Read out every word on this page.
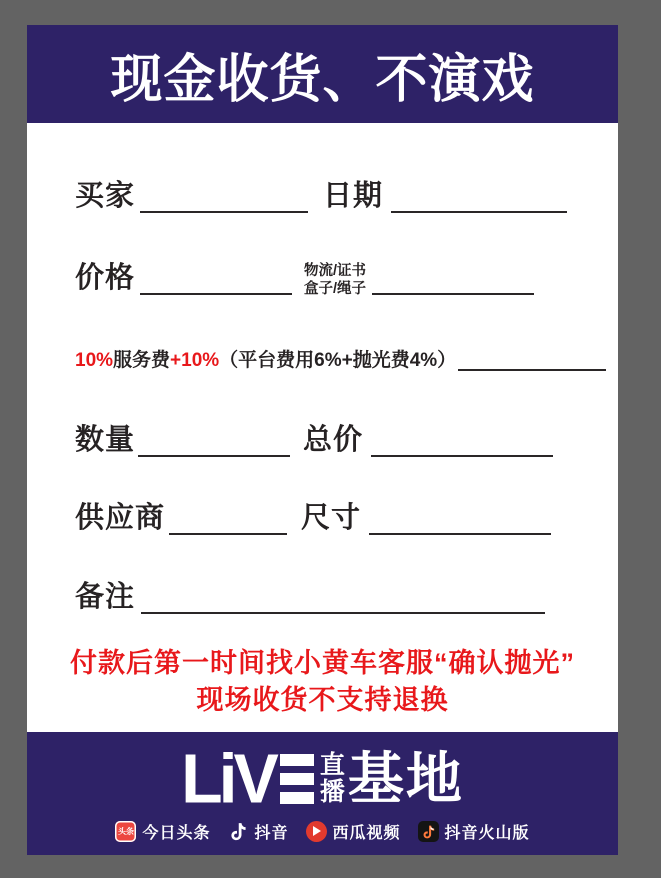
现金收货、不演戏
买家	日期
价格	物流/证书
盒子/绳子
10% 服务费 +10% （平台费用6%+抛光费4%）
数量	总价
供应商	尺寸
备注
付款后第一时间找小黄车客服“确认抛光”
现场收货不支持退换
LiV 直
播 基地
头条 今日头条	抖音	西瓜视频	抖音火山版
